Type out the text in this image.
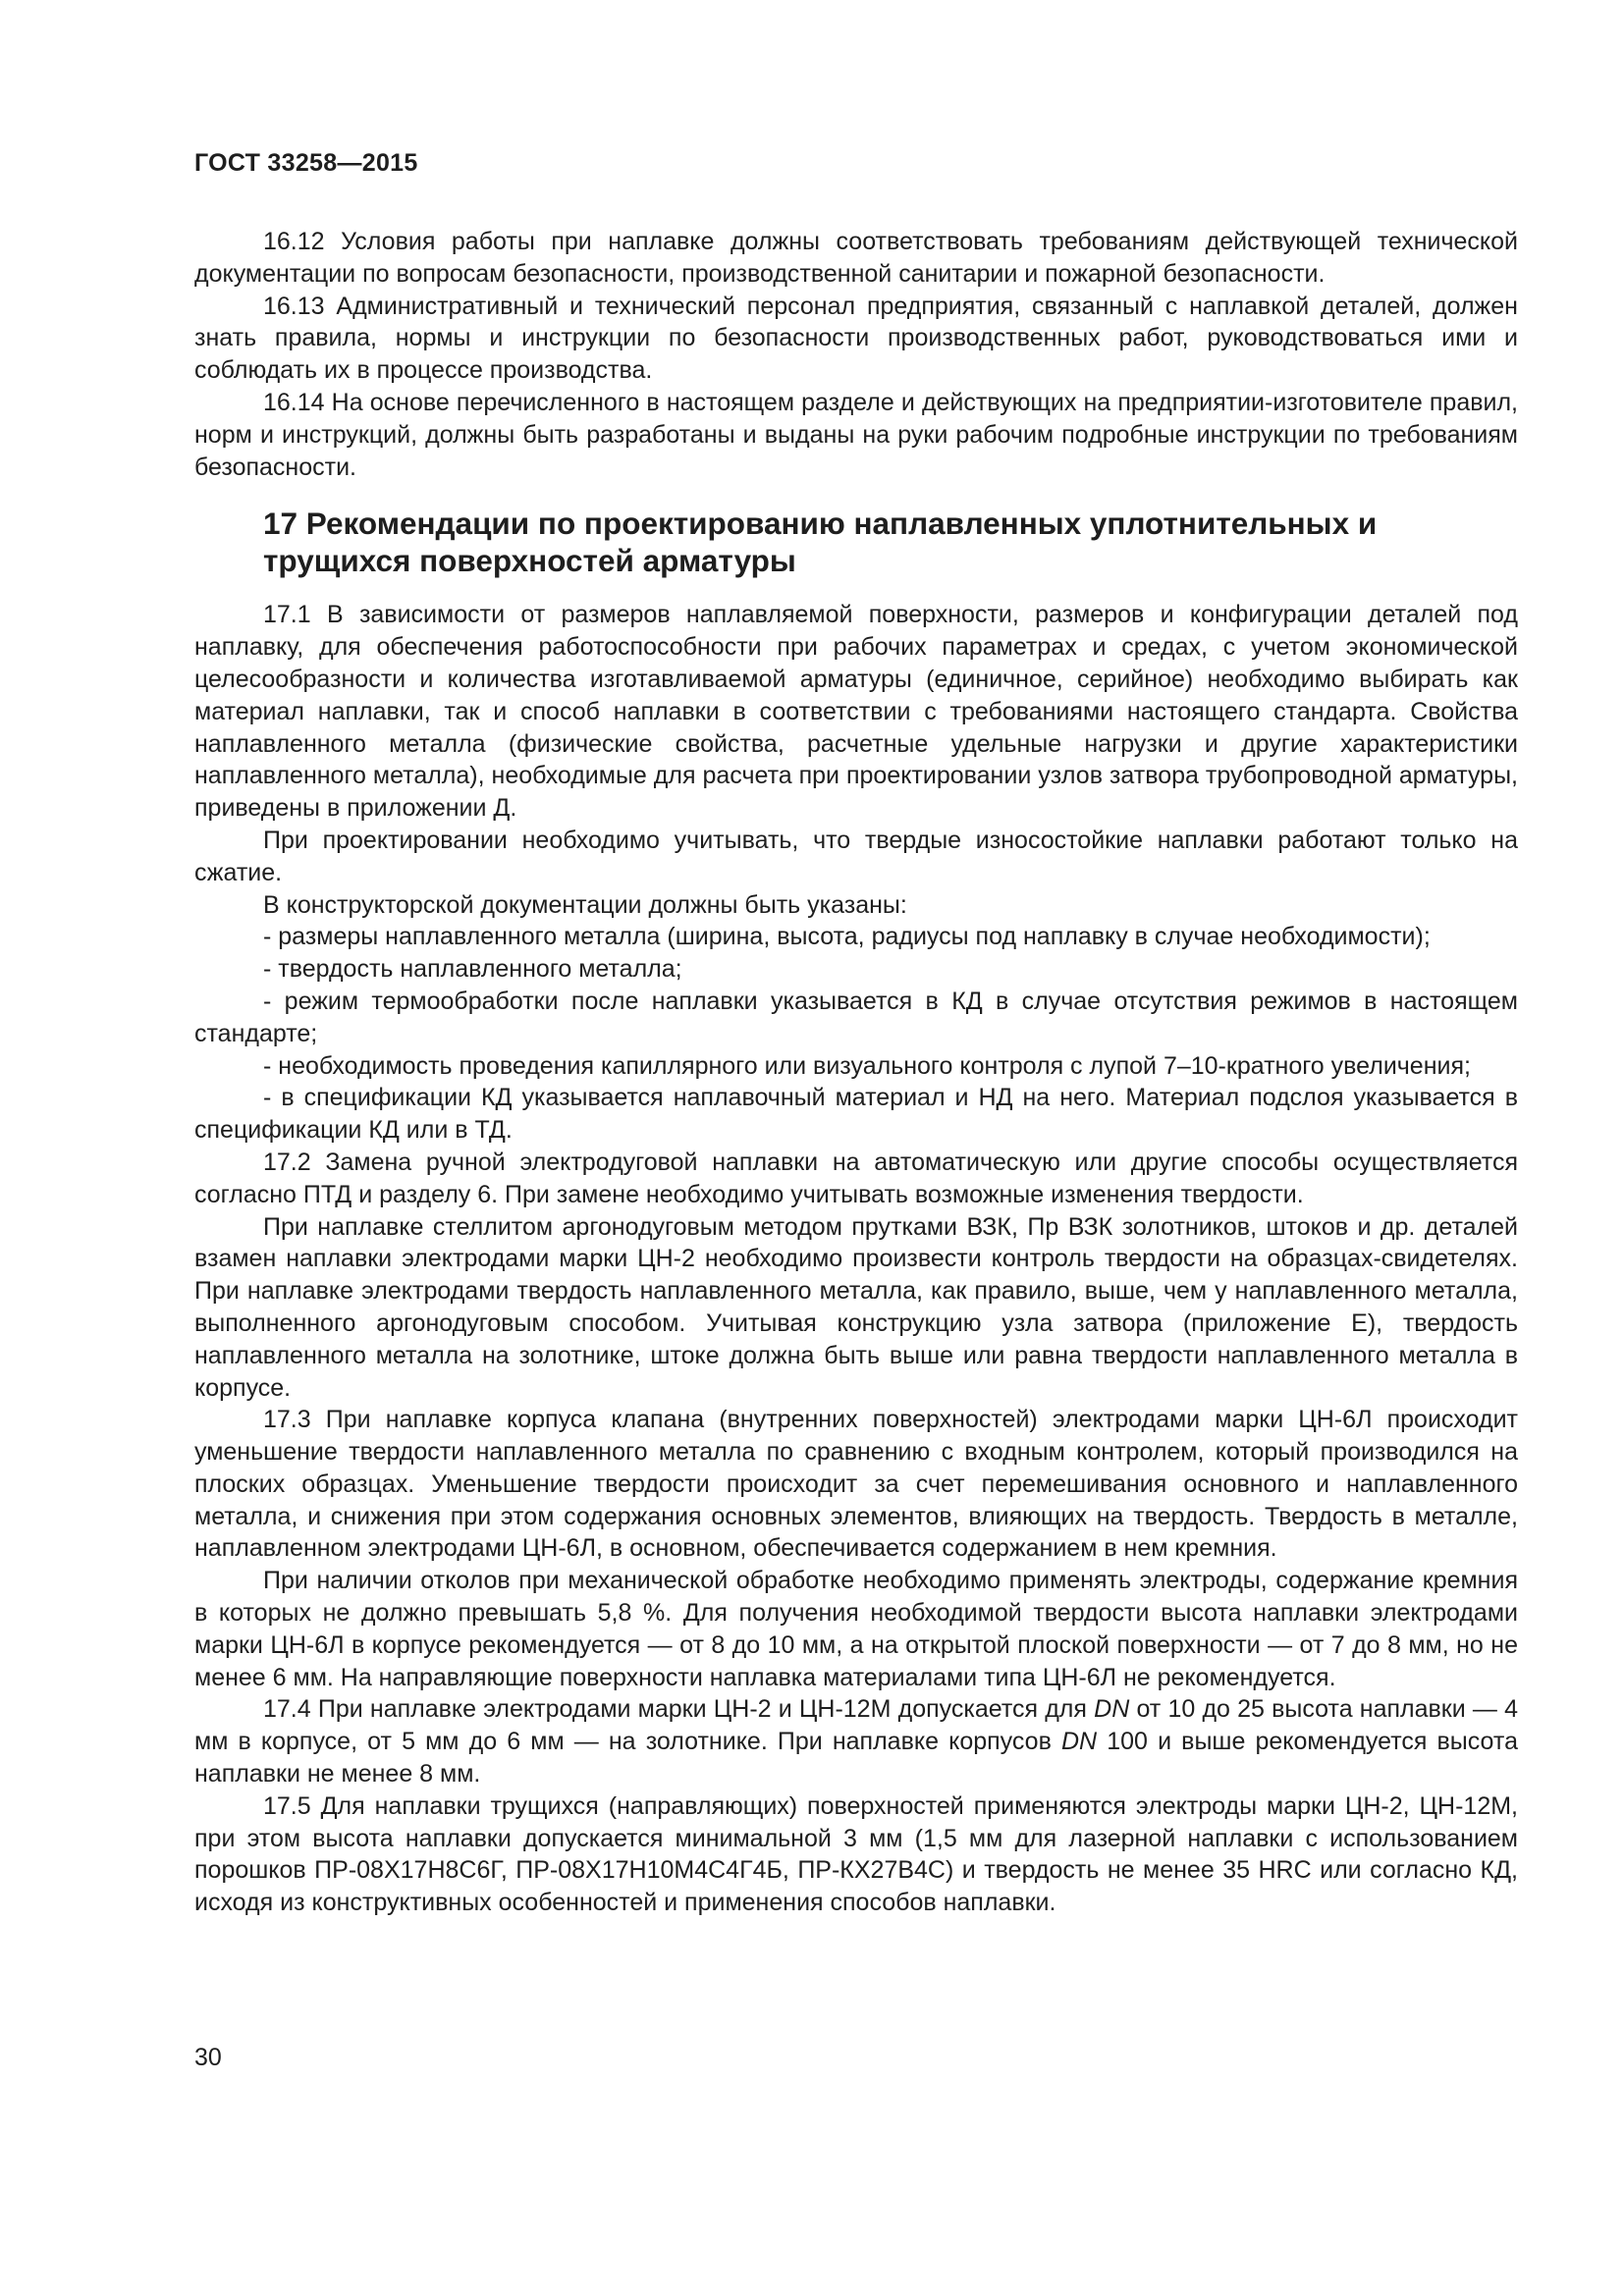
ГОСТ 33258—2015

16.12 Условия работы при наплавке должны соответствовать требованиям действующей технической документации по вопросам безопасности, производственной санитарии и пожарной безопасности.

16.13 Административный и технический персонал предприятия, связанный с наплавкой деталей, должен знать правила, нормы и инструкции по безопасности производственных работ, руководствоваться ими и соблюдать их в процессе производства.

16.14 На основе перечисленного в настоящем разделе и действующих на предприятии-изготовителе правил, норм и инструкций, должны быть разработаны и выданы на руки рабочим подробные инструкции по требованиям безопасности.

17 Рекомендации по проектированию наплавленных уплотнительных и
трущихся поверхностей арматуры

17.1 В зависимости от размеров наплавляемой поверхности, размеров и конфигурации деталей под наплавку, для обеспечения работоспособности при рабочих параметрах и средах, с учетом экономической целесообразности и количества изготавливаемой арматуры (единичное, серийное) необходимо выбирать как материал наплавки, так и способ наплавки в соответствии с требованиями настоящего стандарта. Свойства наплавленного металла (физические свойства, расчетные удельные нагрузки и другие характеристики наплавленного металла), необходимые для расчета при проектировании узлов затвора трубопроводной арматуры, приведены в приложении Д.

При проектировании необходимо учитывать, что твердые износостойкие наплавки работают только на сжатие.

В конструкторской документации должны быть указаны:

- размеры наплавленного металла (ширина, высота, радиусы под наплавку в случае необходимости);

- твердость наплавленного металла;

- режим термообработки после наплавки указывается в КД в случае отсутствия режимов в настоящем стандарте;

- необходимость проведения капиллярного или визуального контроля с лупой 7–10-кратного увеличения;

- в спецификации КД указывается наплавочный материал и НД на него. Материал подслоя указывается в спецификации КД или в ТД.

17.2 Замена ручной электродуговой наплавки на автоматическую или другие способы осуществляется согласно ПТД и разделу 6. При замене необходимо учитывать возможные изменения твердости.

При наплавке стеллитом аргонодуговым методом прутками ВЗК, Пр ВЗК золотников, штоков и др. деталей взамен наплавки электродами марки ЦН-2 необходимо произвести контроль твердости на образцах-свидетелях. При наплавке электродами твердость наплавленного металла, как правило, выше, чем у наплавленного металла, выполненного аргонодуговым способом. Учитывая конструкцию узла затвора (приложение Е), твердость наплавленного металла на золотнике, штоке должна быть выше или равна твердости наплавленного металла в корпусе.

17.3 При наплавке корпуса клапана (внутренних поверхностей) электродами марки ЦН-6Л происходит уменьшение твердости наплавленного металла по сравнению с входным контролем, который производился на плоских образцах. Уменьшение твердости происходит за счет перемешивания основного и наплавленного металла, и снижения при этом содержания основных элементов, влияющих на твердость. Твердость в металле, наплавленном электродами ЦН-6Л, в основном, обеспечивается содержанием в нем кремния.

При наличии отколов при механической обработке необходимо применять электроды, содержание кремния в которых не должно превышать 5,8 %. Для получения необходимой твердости высота наплавки электродами марки ЦН-6Л в корпусе рекомендуется — от 8 до 10 мм, а на открытой плоской поверхности — от 7 до 8 мм, но не менее 6 мм. На направляющие поверхности наплавка материалами типа ЦН-6Л не рекомендуется.

17.4 При наплавке электродами марки ЦН-2 и ЦН-12М допускается для DN от 10 до 25 высота наплавки — 4 мм в корпусе, от 5 мм до 6 мм — на золотнике. При наплавке корпусов DN 100 и выше рекомендуется высота наплавки не менее 8 мм.

17.5 Для наплавки трущихся (направляющих) поверхностей применяются электроды марки ЦН-2, ЦН-12М, при этом высота наплавки допускается минимальной 3 мм (1,5 мм для лазерной наплавки с использованием порошков ПР-08Х17Н8С6Г, ПР-08Х17Н10М4С4Г4Б, ПР-КХ27В4С) и твердость не менее 35 HRC или согласно КД, исходя из конструктивных особенностей и применения способов наплавки.

30
